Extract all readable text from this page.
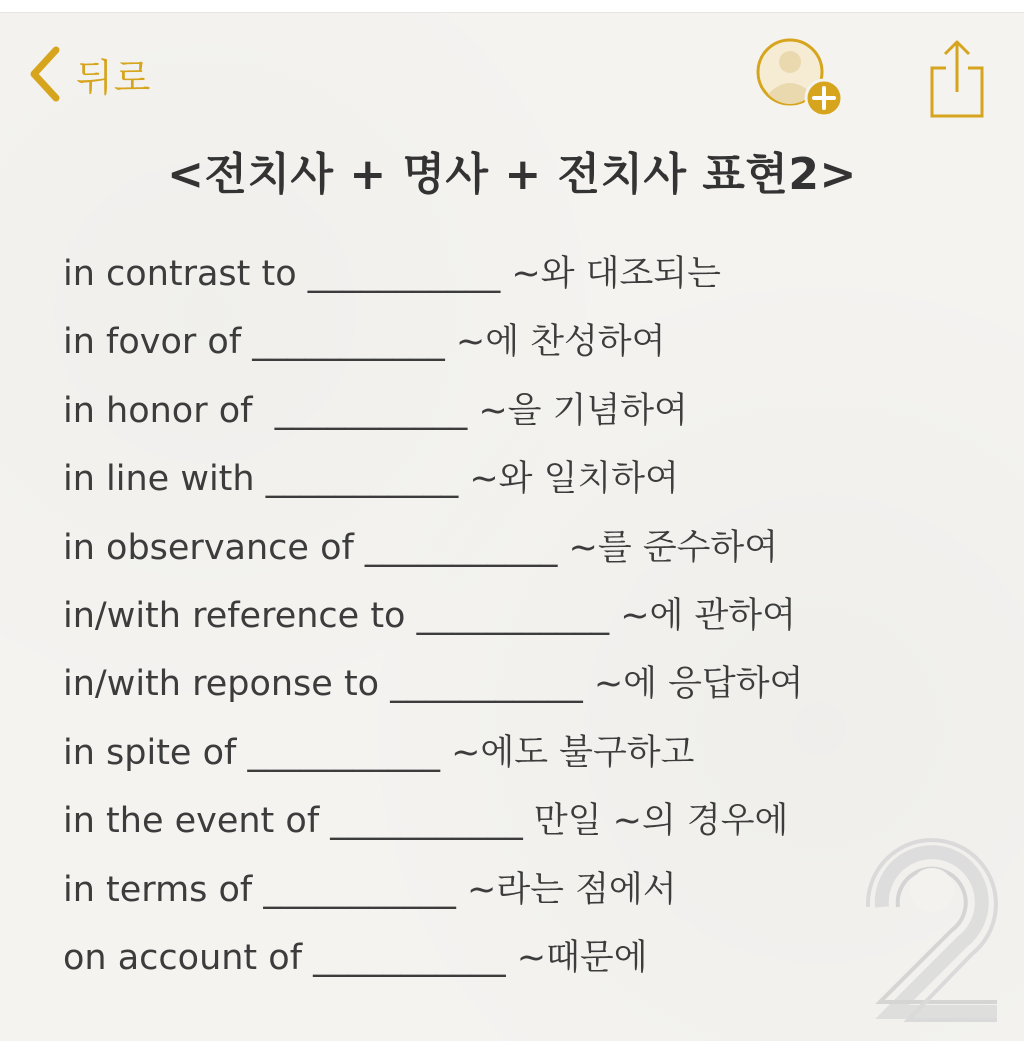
뒤로
<전치사 + 명사 + 전치사 표현2>
in contrast to ___________ ~와 대조되는
in fovor of ___________ ~에 찬성하여
in honor of  ___________ ~을 기념하여
in line with ___________ ~와 일치하여
in observance of ___________ ~를 준수하여
in/with reference to ___________ ~에 관하여
in/with reponse to ___________ ~에 응답하여
in spite of ___________ ~에도 불구하고
in the event of ___________ 만일 ~의 경우에
in terms of ___________ ~라는 점에서
on account of ___________ ~때문에
